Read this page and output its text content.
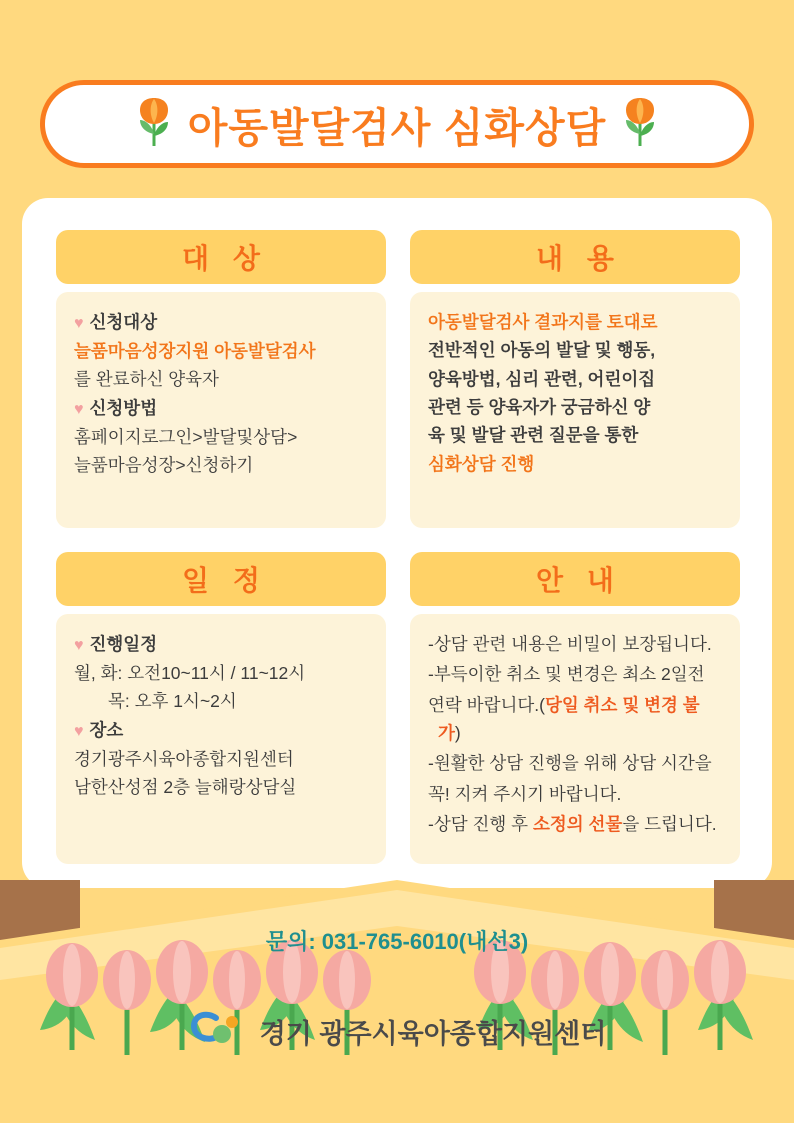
아동발달검사 심화상담
대 상
♥ 신청대상
늘품마음성장지원 아동발달검사
를 완료하신 양육자
♥ 신청방법
홈페이지로그인>발달및상담>
늘품마음성장>신청하기
내 용
아동발달검사 결과지를 토대로
전반적인 아동의 발달 및 행동,
양육방법, 심리 관련, 어린이집
관련 등 양육자가 궁금하신 양
육 및 발달 관련 질문을 통한
심화상담 진행
일 정
♥ 진행일정
월, 화: 오전10~11시 / 11~12시
목: 오후 1시~2시
♥ 장소
경기광주시육아종합지원센터
남한산성점 2층 늘해랑상담실
안 내
-상담 관련 내용은 비밀이 보장됩니다.
-부득이한 취소 및 변경은 최소 2일전
연락 바랍니다.(당일 취소 및 변경 불가)
-원활한 상담 진행을 위해 상담 시간을
꼭! 지켜 주시기 바랍니다.
-상담 진행 후 소정의 선물을 드립니다.
문의: 031-765-6010(내선3)
경기 광주시육아종합지원센터
